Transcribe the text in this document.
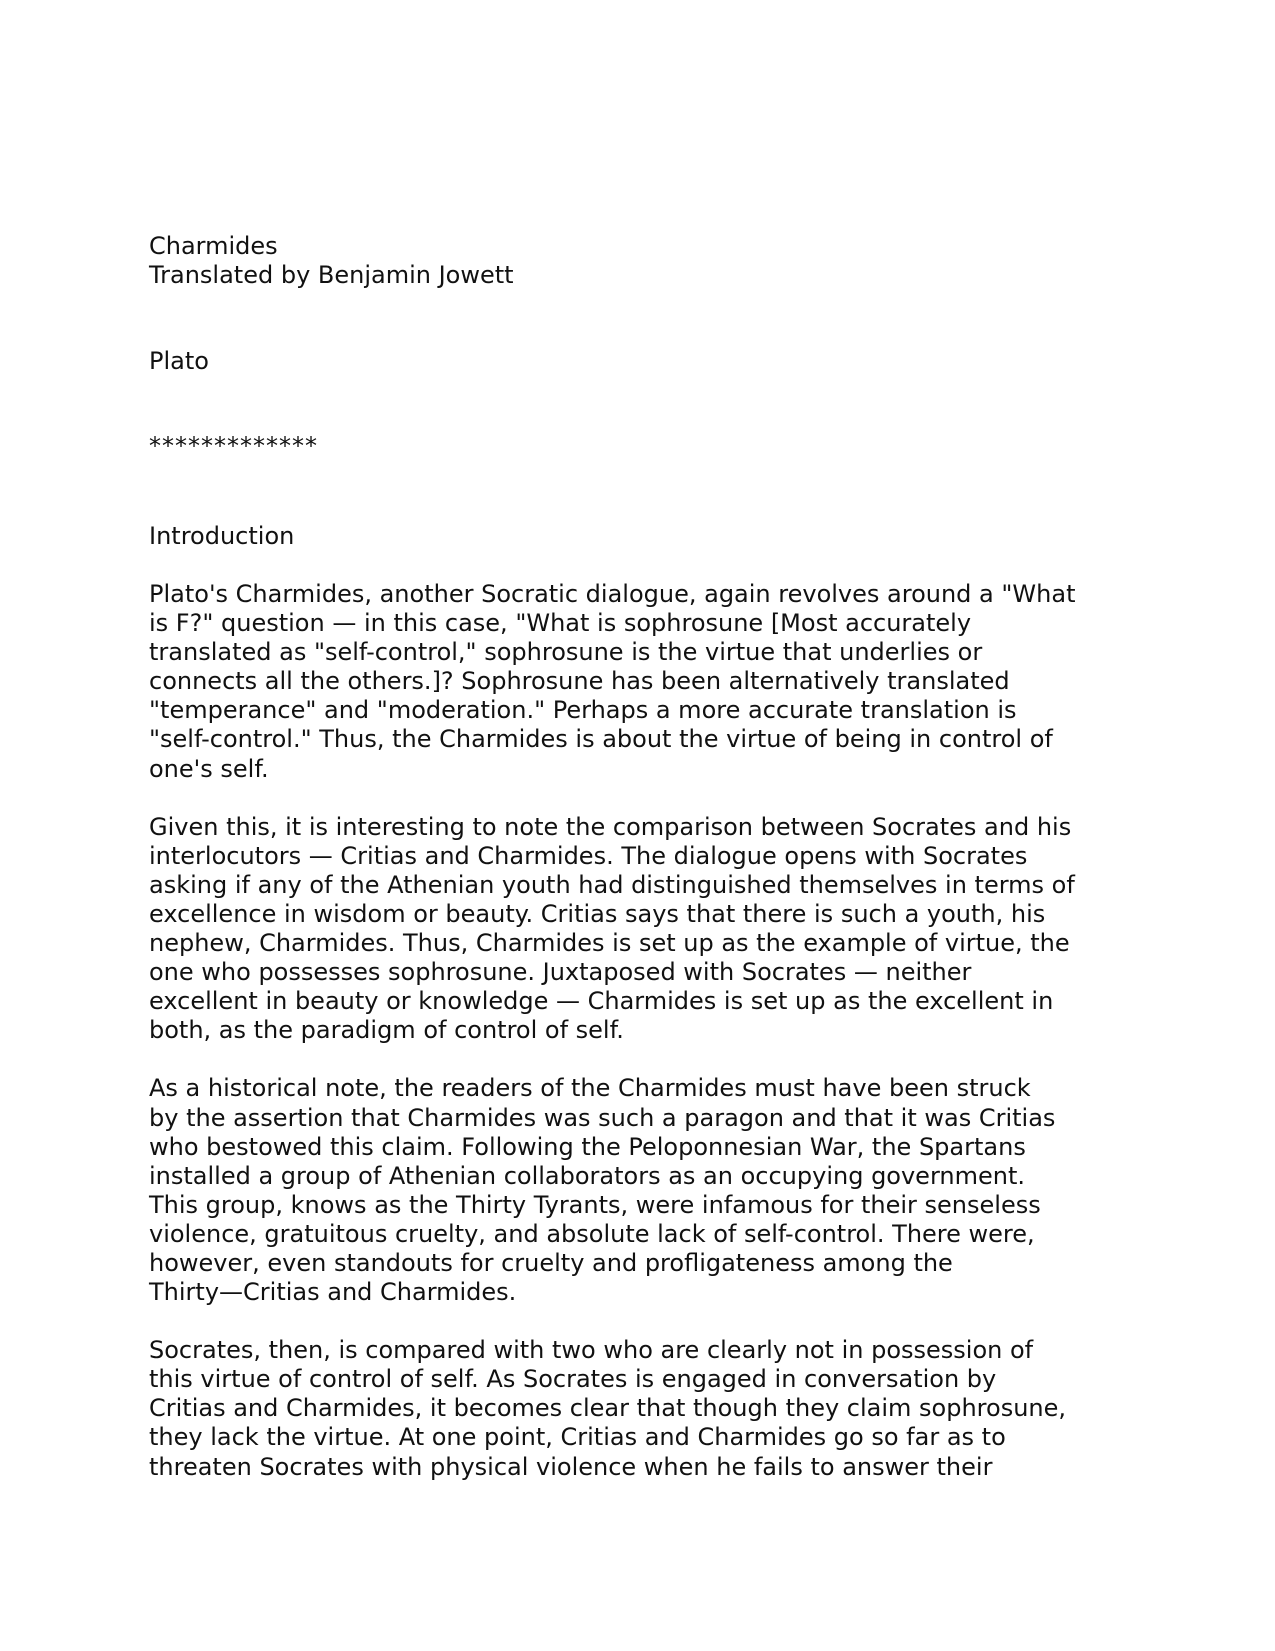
Charmides

Translated by Benjamin Jowett

Plato

*************

Introduction

Plato's Charmides, another Socratic dialogue, again revolves around a "What
is F?" question — in this case, "What is sophrosune [Most accurately
translated as "self-control," sophrosune is the virtue that underlies or
connects all the others.]? Sophrosune has been alternatively translated
"temperance" and "moderation." Perhaps a more accurate translation is
"self-control." Thus, the Charmides is about the virtue of being in control of
one's self.
Given this, it is interesting to note the comparison between Socrates and his
interlocutors — Critias and Charmides. The dialogue opens with Socrates
asking if any of the Athenian youth had distinguished themselves in terms of
excellence in wisdom or beauty. Critias says that there is such a youth, his
nephew, Charmides. Thus, Charmides is set up as the example of virtue, the
one who possesses sophrosune. Juxtaposed with Socrates — neither
excellent in beauty or knowledge — Charmides is set up as the excellent in
both, as the paradigm of control of self.
As a historical note, the readers of the Charmides must have been struck
by the assertion that Charmides was such a paragon and that it was Critias
who bestowed this claim. Following the Peloponnesian War, the Spartans
installed a group of Athenian collaborators as an occupying government.
This group, knows as the Thirty Tyrants, were infamous for their senseless
violence, gratuitous cruelty, and absolute lack of self-control. There were,
however, even standouts for cruelty and profligateness among the
Thirty—Critias and Charmides.
Socrates, then, is compared with two who are clearly not in possession of
this virtue of control of self. As Socrates is engaged in conversation by
Critias and Charmides, it becomes clear that though they claim sophrosune,
they lack the virtue. At one point, Critias and Charmides go so far as to
threaten Socrates with physical violence when he fails to answer their
